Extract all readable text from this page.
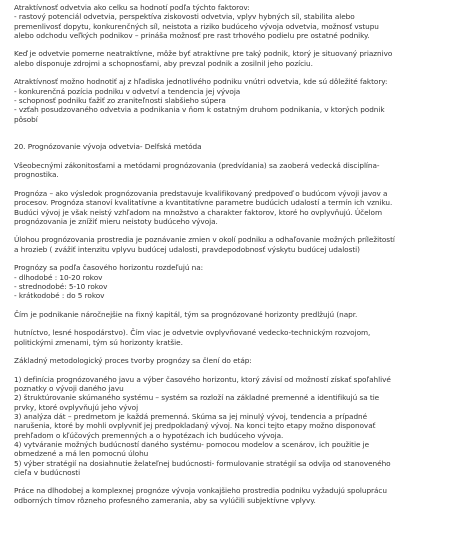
Atraktívnosť odvetvia ako celku sa hodnotí podľa týchto faktorov:
- rastový potenciál odvetvia, perspektíva ziskovosti odvetvia, vplyv hybných síl, stabilita alebo
premenlivosť dopytu, konkurenčných síl, neistota a riziko budúceho vývoja odvetvia, možnosť vstupu
alebo odchodu veľkých podnikov – prináša možnosť pre rast trhového podielu pre ostatné podniky.

Keď je odvetvie pomerne neatraktívne, môže byť atraktívne pre taký podnik, ktorý je situovaný priaznivo
alebo disponuje zdrojmi a schopnosťami, aby prevzal podnik a zosilnil jeho pozíciu.

Atraktívnosť možno hodnotiť aj z hľadiska jednotlivého podniku vnútri odvetvia, kde sú dôležité faktory:
- konkurenčná pozícia podniku v odvetví a tendencia jej vývoja
- schopnosť podniku ťažiť zo zraniteľnosti slabšieho súpera
- vzťah posudzovaného odvetvia a podnikania v ňom k ostatným druhom podnikania, v ktorých podnik
pôsobí

20. Prognózovanie vývoja odvetvia- Delfská metóda

Všeobecnými zákonitosťami a metódami prognózovania (predvídania) sa zaoberá vedecká disciplína-
prognostika.

Prognóza – ako výsledok prognózovania predstavuje kvalifikovaný predpoveď o budúcom vývoji javov a
procesov. Prognóza stanoví kvalitatívne a kvantitatívne parametre budúcich udalostí a termín ich vzniku.
Budúci vývoj je však neistý vzhľadom na množstvo a charakter faktorov, ktoré ho ovplyvňujú. Účelom
prognózovania je znížiť mieru neistoty budúceho vývoja.

Úlohou prognózovania prostredia je poznávanie zmien v okolí podniku a odhaľovanie možných príležitostí
a hrozieb ( zvážiť intenzitu vplyvu budúcej udalosti, pravdepodobnosť výskytu budúcej udalosti)

Prognózy sa podľa časového horizontu rozdeľujú na:
- dlhodobé : 10-20 rokov
- strednodobé: 5-10 rokov
- krátkodobé : do 5 rokov

Čím je podnikanie náročnejšie na fixný kapitál, tým sa prognózované horizonty predlžujú (napr.

hutníctvo, lesné hospodárstvo). Čím viac je odvetvie ovplyvňované vedecko-technickým rozvojom,
politickými zmenami, tým sú horizonty kratšie.

Základný metodologický proces tvorby prognózy sa člení do etáp:

1) definícia prognózovaného javu a výber časového horizontu, ktorý závisí od možností získať spoľahlivé
poznatky o vývoji daného javu
2) štruktúrovanie skúmaného systému – systém sa rozloží na základné premenné a identifikujú sa tie
prvky, ktoré ovplyvňujú jeho vývoj
3) analýza dát – predmetom je každá premenná. Skúma sa jej minulý vývoj, tendencia a prípadné
narušenia, ktoré by mohli ovplyvniť jej predpokladaný vývoj. Na konci tejto etapy možno disponovať
prehľadom o kľúčových premenných a o hypotézach ich budúceho vývoja.
4) vytváranie možných budúcností daného systému- pomocou modelov a scenárov, ich použitie je
obmedzené a má len pomocnú úlohu
5) výber stratégií na dosiahnutie želateľnej budúcnosti- formulovanie stratégií sa odvíja od stanoveného
cieľa v budúcnosti

Práce na dlhodobej a komplexnej prognóze vývoja vonkajšieho prostredia podniku vyžadujú spoluprácu
odborných tímov rôzneho profesného zamerania, aby sa vylúčili subjektívne vplyvy.
